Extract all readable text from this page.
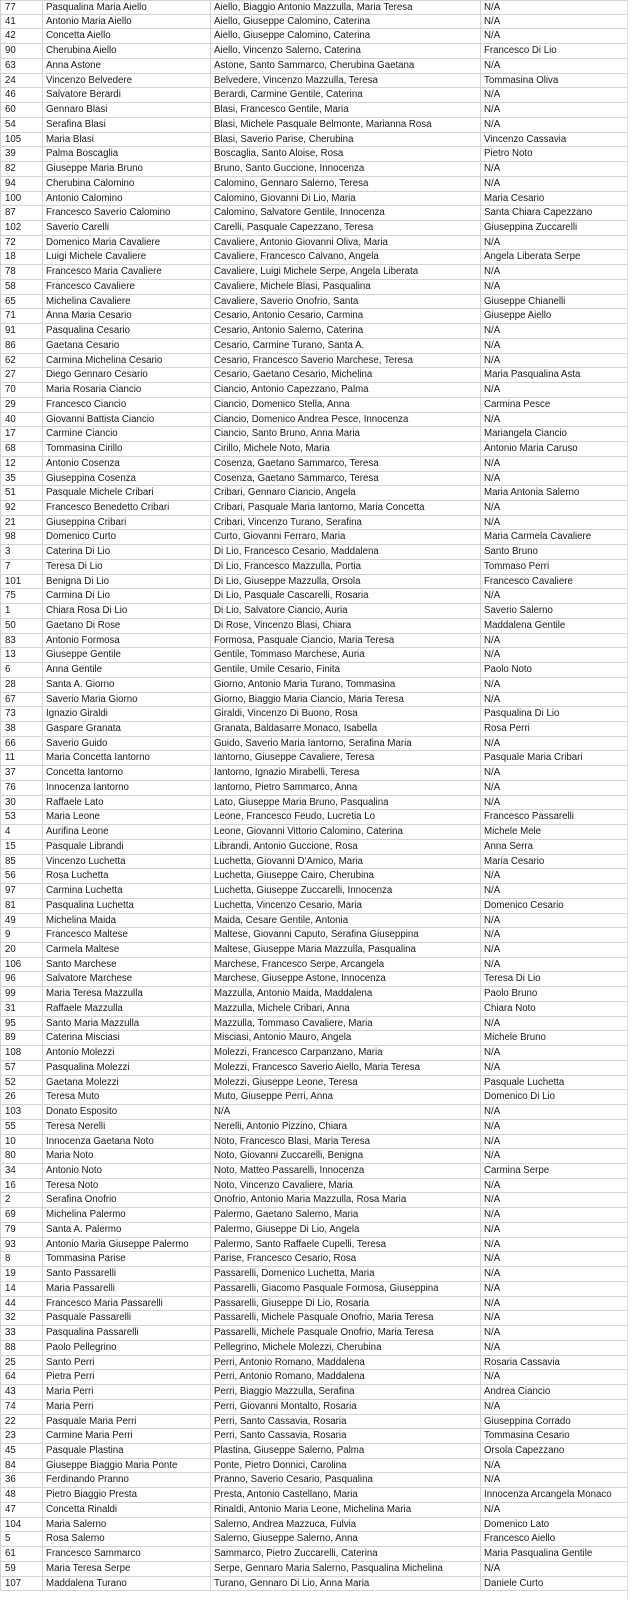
77	Pasqualina Maria Aiello	Aiello, Biaggio Antonio Mazzulla, Maria Teresa	N/A
41	Antonio Maria Aiello	Aiello, Giuseppe Calomino, Caterina	N/A
42	Concetta Aiello	Aiello, Giuseppe Calomino, Caterina	N/A
90	Cherubina Aiello	Aiello, Vincenzo Salerno, Caterina	Francesco Di Lio
63	Anna Astone	Astone, Santo Sammarco, Cherubina Gaetana	N/A
24	Vincenzo Belvedere	Belvedere, Vincenzo Mazzulla, Teresa	Tommasina Oliva
46	Salvatore Berardi	Berardi, Carmine Gentile, Caterina	N/A
60	Gennaro Blasi	Blasi, Francesco Gentile, Maria	N/A
54	Serafina Blasi	Blasi, Michele Pasquale Belmonte, Marianna Rosa	N/A
105	Maria Blasi	Blasi, Saverio Parise, Cherubina	Vincenzo Cassavia
39	Palma Boscaglia	Boscaglia, Santo Aloise, Rosa	Pietro Noto
82	Giuseppe Maria Bruno	Bruno, Santo Guccione, Innocenza	N/A
94	Cherubina Calomino	Calomino, Gennaro Salerno, Teresa	N/A
100	Antonio Calomino	Calomino, Giovanni Di Lio, Maria	Maria Cesario
87	Francesco Saverio Calomino	Calomino, Salvatore Gentile, Innocenza	Santa Chiara Capezzano
102	Saverio Carelli	Carelli, Pasquale Capezzano, Teresa	Giuseppina Zuccarelli
72	Domenico Maria Cavaliere	Cavaliere, Antonio Giovanni Oliva, Maria	N/A
18	Luigi Michele Cavaliere	Cavaliere, Francesco Calvano, Angela	Angela Liberata Serpe
78	Francesco Maria Cavaliere	Cavaliere, Luigi Michele Serpe, Angela Liberata	N/A
58	Francesco Cavaliere	Cavaliere, Michele Blasi, Pasqualina	N/A
65	Michelina Cavaliere	Cavaliere, Saverio Onofrio, Santa	Giuseppe Chianelli
71	Anna Maria Cesario	Cesario, Antonio Cesario, Carmina	Giuseppe Aiello
91	Pasqualina Cesario	Cesario, Antonio Salerno, Caterina	N/A
86	Gaetana Cesario	Cesario, Carmine Turano, Santa A.	N/A
62	Carmina Michelina Cesario	Cesario, Francesco Saverio Marchese, Teresa	N/A
27	Diego Gennaro Cesario	Cesario, Gaetano Cesario, Michelina	Maria Pasqualina Asta
70	Maria Rosaria Ciancio	Ciancio, Antonio Capezzano, Palma	N/A
29	Francesco Ciancio	Ciancio, Domenico Stella, Anna	Carmina Pesce
40	Giovanni Battista Ciancio	Ciancio, Domenico Andrea Pesce, Innocenza	N/A
17	Carmine Ciancio	Ciancio, Santo Bruno, Anna Maria	Mariangela Ciancio
68	Tommasina Cirillo	Cirillo, Michele Noto, Maria	Antonio Maria Caruso
12	Antonio Cosenza	Cosenza, Gaetano Sammarco, Teresa	N/A
35	Giuseppina Cosenza	Cosenza, Gaetano Sammarco, Teresa	N/A
51	Pasquale Michele Cribari	Cribari, Gennaro Ciancio, Angela	Maria Antonia Salerno
92	Francesco Benedetto Cribari	Cribari, Pasquale Maria Iantorno, Maria Concetta	N/A
21	Giuseppina Cribari	Cribari, Vincenzo Turano, Serafina	N/A
98	Domenico Curto	Curto, Giovanni Ferraro, Maria	Maria Carmela Cavaliere
3	Caterina Di Lio	Di Lio, Francesco Cesario, Maddalena	Santo Bruno
7	Teresa Di Lio	Di Lio, Francesco Mazzulla, Portia	Tommaso Perri
101	Benigna Di Lio	Di Lio, Giuseppe Mazzulla, Orsola	Francesco Cavaliere
75	Carmina Di Lio	Di Lio, Pasquale Cascarelli, Rosaria	N/A
1	Chiara Rosa Di Lio	Di Lio, Salvatore Ciancio, Auria	Saverio Salerno
50	Gaetano Di Rose	Di Rose, Vincenzo Blasi, Chiara	Maddalena Gentile
83	Antonio Formosa	Formosa, Pasquale Ciancio, Maria Teresa	N/A
13	Giuseppe Gentile	Gentile, Tommaso Marchese, Auria	N/A
6	Anna Gentile	Gentile, Umile Cesario, Finita	Paolo Noto
28	Santa A. Giorno	Giorno, Antonio Maria Turano, Tommasina	N/A
67	Saverio Maria Giorno	Giorno, Biaggio Maria Ciancio, Maria Teresa	N/A
73	Ignazio Giraldi	Giraldi, Vincenzo Di Buono, Rosa	Pasqualina Di Lio
38	Gaspare Granata	Granata, Baldasarre Monaco, Isabella	Rosa Perri
66	Saverio Guido	Guido, Saverio Maria Iantorno, Serafina Maria	N/A
11	Maria Concetta Iantorno	Iantorno, Giuseppe Cavaliere, Teresa	Pasquale Maria Cribari
37	Concetta Iantorno	Iantorno, Ignazio Mirabelli, Teresa	N/A
76	Innocenza Iantorno	Iantorno, Pietro Sammarco, Anna	N/A
30	Raffaele Lato	Lato, Giuseppe Maria Bruno, Pasqualina	N/A
53	Maria Leone	Leone, Francesco Feudo, Lucretia Lo	Francesco Passarelli
4	Aurifina Leone	Leone, Giovanni Vittorio Calomino, Caterina	Michele Mele
15	Pasquale Librandi	Librandi, Antonio Guccione, Rosa	Anna Serra
85	Vincenzo Luchetta	Luchetta, Giovanni D'Amico, Maria	Maria Cesario
56	Rosa Luchetta	Luchetta, Giuseppe Cairo, Cherubina	N/A
97	Carmina Luchetta	Luchetta, Giuseppe Zuccarelli, Innocenza	N/A
81	Pasqualina Luchetta	Luchetta, Vincenzo Cesario, Maria	Domenico Cesario
49	Michelina Maida	Maida, Cesare Gentile, Antonia	N/A
9	Francesco Maltese	Maltese, Giovanni Caputo, Serafina Giuseppina	N/A
20	Carmela Maltese	Maltese, Giuseppe Maria Mazzulla, Pasqualina	N/A
106	Santo Marchese	Marchese, Francesco Serpe, Arcangela	N/A
96	Salvatore Marchese	Marchese, Giuseppe Astone, Innocenza	Teresa Di Lio
99	Maria Teresa Mazzulla	Mazzulla, Antonio Maida, Maddalena	Paolo Bruno
31	Raffaele Mazzulla	Mazzulla, Michele Cribari, Anna	Chiara Noto
95	Santo Maria Mazzulla	Mazzulla, Tommaso Cavaliere, Maria	N/A
89	Caterina Misciasi	Misciasi, Antonio Mauro, Angela	Michele Bruno
108	Antonio Molezzi	Molezzi, Francesco Carpanzano, Maria	N/A
57	Pasqualina Molezzi	Molezzi, Francesco Saverio Aiello, Maria Teresa	N/A
52	Gaetana Molezzi	Molezzi, Giuseppe Leone, Teresa	Pasquale Luchetta
26	Teresa Muto	Muto, Giuseppe Perri, Anna	Domenico Di Lio
103	Donato Esposito	N/A	N/A
55	Teresa Nerelli	Nerelli, Antonio Pizzino, Chiara	N/A
10	Innocenza Gaetana Noto	Noto, Francesco Blasi, Maria Teresa	N/A
80	Maria Noto	Noto, Giovanni Zuccarelli, Benigna	N/A
34	Antonio Noto	Noto, Matteo Passarelli, Innocenza	Carmina Serpe
16	Teresa Noto	Noto, Vincenzo Cavaliere, Maria	N/A
2	Serafina Onofrio	Onofrio, Antonio Maria Mazzulla, Rosa Maria	N/A
69	Michelina Palermo	Palermo, Gaetano Salerno, Maria	N/A
79	Santa A. Palermo	Palermo, Giuseppe Di Lio, Angela	N/A
93	Antonio Maria Giuseppe Palermo	Palermo, Santo Raffaele Cupelli, Teresa	N/A
8	Tommasina Parise	Parise, Francesco Cesario, Rosa	N/A
19	Santo Passarelli	Passarelli, Domenico Luchetta, Maria	N/A
14	Maria Passarelli	Passarelli, Giacomo Pasquale Formosa, Giuseppina	N/A
44	Francesco Maria Passarelli	Passarelli, Giuseppe Di Lio, Rosaria	N/A
32	Pasquale Passarelli	Passarelli, Michele Pasquale Onofrio, Maria Teresa	N/A
33	Pasqualina Passarelli	Passarelli, Michele Pasquale Onofrio, Maria Teresa	N/A
88	Paolo Pellegrino	Pellegrino, Michele Molezzi, Cherubina	N/A
25	Santo Perri	Perri, Antonio Romano, Maddalena	Rosaria Cassavia
64	Pietra Perri	Perri, Antonio Romano, Maddalena	N/A
43	Maria Perri	Perri, Biaggio Mazzulla, Serafina	Andrea Ciancio
74	Maria Perri	Perri, Giovanni Montalto, Rosaria	N/A
22	Pasquale Maria Perri	Perri, Santo Cassavia, Rosaria	Giuseppina Corrado
23	Carmine Maria Perri	Perri, Santo Cassavia, Rosaria	Tommasina Cesario
45	Pasquale Plastina	Plastina, Giuseppe Salerno, Palma	Orsola Capezzano
84	Giuseppe Biaggio Maria Ponte	Ponte, Pietro Donnici, Carolina	N/A
36	Ferdinando Pranno	Pranno, Saverio Cesario, Pasqualina	N/A
48	Pietro Biaggio Presta	Presta, Antonio Castellano, Maria	Innocenza Arcangela Monaco
47	Concetta Rinaldi	Rinaldi, Antonio Maria Leone, Michelina Maria	N/A
104	Maria Salerno	Salerno, Andrea Mazzuca, Fulvia	Domenico Lato
5	Rosa Salerno	Salerno, Giuseppe Salerno, Anna	Francesco Aiello
61	Francesco Sammarco	Sammarco, Pietro Zuccarelli, Caterina	Maria Pasqualina Gentile
59	Maria Teresa Serpe	Serpe, Gennaro Maria Salerno, Pasqualina Michelina	N/A
107	Maddalena Turano	Turano, Gennaro Di Lio, Anna Maria	Daniele Curto
